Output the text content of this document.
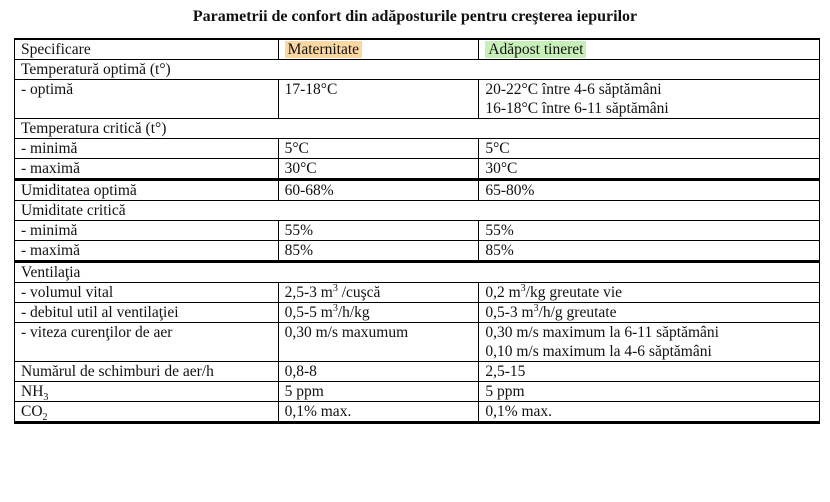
Parametrii de confort din adăposturile pentru creşterea iepurilor
Specificare	Maternitate	Adăpost tineret
Temperatură optimă (t°)		
- optimă	17-18°C	20-22°C între 4-6 săptămâni
16-18°C între 6-11 săptămâni

Temperatura critică (t°)		
- minimă	5°C	5°C
- maximă	30°C	30°C
Umiditatea optimă	60-68%	65-80%
Umiditate critică		
- minimă	55%	55%
- maximă	85%	85%
Ventilaţia		
- volumul vital	2,5-3 $m^3$ /cuşcă	0,2 $m^3/kg$ greutate vie
- debitul util al ventilaţiei	0,5-5 $m^3/h/kg$	0,5-3 $m^3/h/g$ greutate
- viteza curenţilor de aer	0,30 m/s maxumum	0,30 m/s maximum la 6-11 săptămâni
0,10 m/s maximum la 4-6 săptămâni

Numărul de schimburi de aer/h	0,8-8	2,5-15
$NH_3$	5 ppm	5 ppm
$CO_2$	0,1% max.	0,1% max.
